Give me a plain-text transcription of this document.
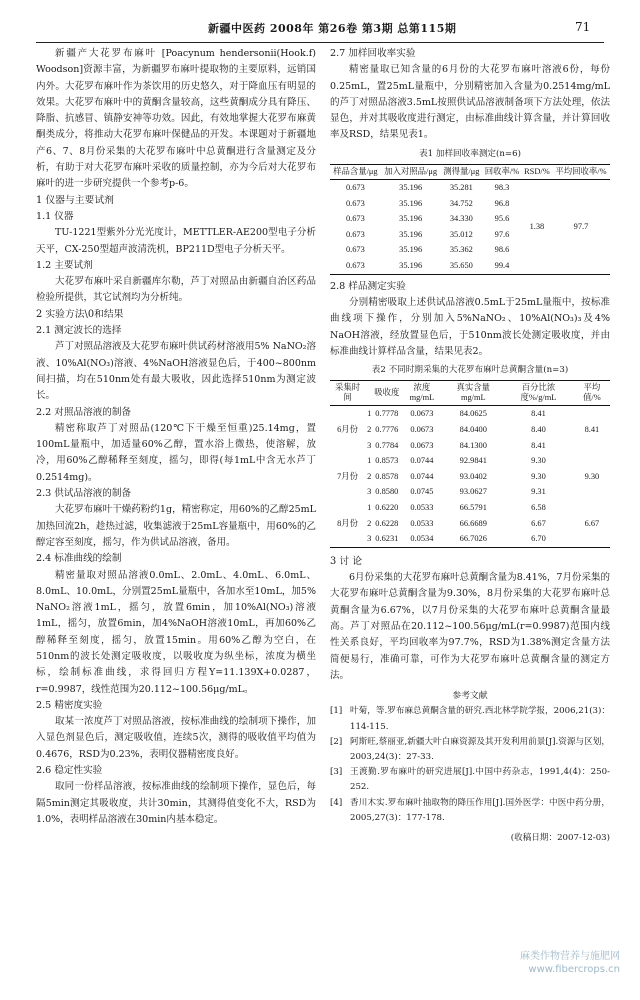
新疆中医药 2008年 第26卷 第3期 总第115期	71

新疆产大花罗布麻叶 [Poacynum hendersonii(Hook.f) Woodson]资源丰富，为新疆罗布麻叶提取物的主要原料，远销国内外。大花罗布麻叶作为茶饮用的历史悠久，对于降血压有明显的效果。大花罗布麻叶中的黄酮含量较高，这些黄酮成分具有降压、降脂、抗感冒、镇静安神等功效。因此，有效地掌握大花罗布麻黄酮类成分，将推动大花罗布麻叶保健品的开发。本课题对于新疆地产6、7、8月份采集的大花罗布麻叶中总黄酮进行含量测定及分析，有助于对大花罗布麻叶采收的质量控制，亦为今后对大花罗布麻叶的进一步研究提供一个参考p-6。

1 仪器与主要试剂
1.1 仪器

TU-1221型紫外分光光度计，METTLER-AE200型电子分析天平，CX-250型超声波清洗机，BP211D型电子分析天平。

1.2 主要试剂

大花罗布麻叶采自新疆库尔勒，芦丁对照品由新疆自治区药品检验所提供，其它试剂均为分析纯。

2 实验方法\0和结果
2.1 测定波长的选择

芦丁对照品溶液及大花罗布麻叶供试药材溶液用5% NaNO₂溶液、10%Al(NO₃)溶液、4%NaOH溶液显色后，于400~800nm间扫描，均在510nm处有最大吸收，因此选择510nm为测定波长。

2.2 对照品溶液的制备

精密称取芦丁对照品(120℃下干燥至恒重)25.14mg，置100mL量瓶中，加适量60%乙醇，置水浴上微热，使溶解，放冷，用60%乙醇稀释至刻度，摇匀，即得(每1mL中含无水芦丁0.2514mg)。

2.3 供试品溶液的制备

大花罗布麻叶干燥药粉约1g，精密称定，用60%的乙醇25mL加热回流2h，趁热过滤，收集滤液于25mL容量瓶中，用60%的乙醇定容至刻度，摇匀，作为供试品溶液，备用。

2.4 标准曲线的绘制

精密量取对照品溶液0.0mL、2.0mL、4.0mL、6.0mL、8.0mL、10.0mL，分别置25mL量瓶中，各加水至10mL，加5% NaNO₂溶液1mL，摇匀，放置6min，加10%Al(NO₃)溶液1mL，摇匀，放置6min，加4%NaOH溶液10mL，再加60%乙醇稀释至刻度，摇匀，放置15min。用60%乙醇为空白，在510nm的波长处测定吸收度，以吸收度为纵坐标，浓度为横坐标，绘制标准曲线，求得回归方程Y=11.139X+0.0287，r=0.9987，线性范围为20.112~100.56μg/mL。

2.5 精密度实验

取某一浓度芦丁对照品溶液，按标准曲线的绘制项下操作，加入显色剂显色后，测定吸收值，连续5次，测得的吸收值平均值为0.4676，RSD为0.23%，表明仪器精密度良好。

2.6 稳定性实验

取同一份样品溶液，按标准曲线的绘制项下操作，显色后，每隔5min测定其吸收度，共计30min，其测得值变化不大，RSD为1.0%，表明样品溶液在30min内基本稳定。

2.7 加样回收率实验

精密量取已知含量的6月份的大花罗布麻叶溶液6份，每份0.25mL，置25mL量瓶中，分别精密加入含量为0.2514mg/mL的芦丁对照品溶液3.5mL按照供试品溶液制备项下方法处理，依法显色，并对其吸收度进行测定，由标准曲线计算含量，并计算回收率及RSD，结果见表1。

表1 加样回收率测定(n=6)
样品含量/μg	加入对照品/μg	测得量/μg	回收率/%	RSD/%	平均回收率/%
0.673	35.196	35.281	98.3	1.38	97.7
0.673	35.196	34.752	96.8		
0.673	35.196	34.330	95.6		
0.673	35.196	35.012	97.6		
0.673	35.196	35.362	98.6		
0.673	35.196	35.650	99.4		
2.8 样品测定实验

分别精密吸取上述供试品溶液0.5mL于25mL量瓶中，按标准曲线项下操作，分别加入5%NaNO₂、10%Al(NO₃)₃及4% NaOH溶液，经放置显色后，于510nm波长处测定吸收度，并由标准曲线计算样品含量，结果见表2。

表2 不同时期采集的大花罗布麻叶总黄酮含量(n=3)
采集时间		吸收度	浓度mg/mL	真实含量mg/mL	百分比浓度%/g/mL	平均值/%
6月份	1	0.7778	0.0673	84.0625	8.41	8.41
	2	0.7776	0.0673	84.0400	8.40	
	3	0.7784	0.0673	84.1300	8.41	
7月份	1	0.8573	0.0744	92.9841	9.30	9.30
	2	0.8578	0.0744	93.0402	9.30	
	3	0.8580	0.0745	93.0627	9.31	
8月份	1	0.6220	0.0533	66.5791	6.58	6.67
	2	0.6228	0.0533	66.6689	6.67	
	3	0.6231	0.0534	66.7026	6.70	
3 讨 论

6月份采集的大花罗布麻叶总黄酮含量为8.41%，7月份采集的大花罗布麻叶总黄酮含量为9.30%，8月份采集的大花罗布麻叶总黄酮含量为6.67%，以7月份采集的大花罗布麻叶总黄酮含量最高。芦丁对照品在20.112~100.56μg/mL(r=0.9987)范围内线性关系良好，平均回收率为97.7%，RSD为1.38%测定含量方法简便易行，准确可靠，可作为大花罗布麻叶总黄酮含量的测定方法。

参考文献
[1] 叶菊，等.罗布麻总黄酮含量的研究.西北林学院学报，2006,21(3)：114-115.
[2] 阿斯旺,蔡丽亚,新疆大叶白麻资源及其开发利用前景[J].资源与区划，2003,24(3)：27-33.
[3] 王渡勤.罗布麻叶的研究进展[J].中国中药杂志，1991,4(4)：250-252.
[4] 香川木实.罗布麻叶抽取物的降压作用[J].国外医学：中医中药分册，2005,27(3)：177-178.
(收稿日期：2007-12-03)
麻类作物营养与施肥网
www.fibercrops.cn
